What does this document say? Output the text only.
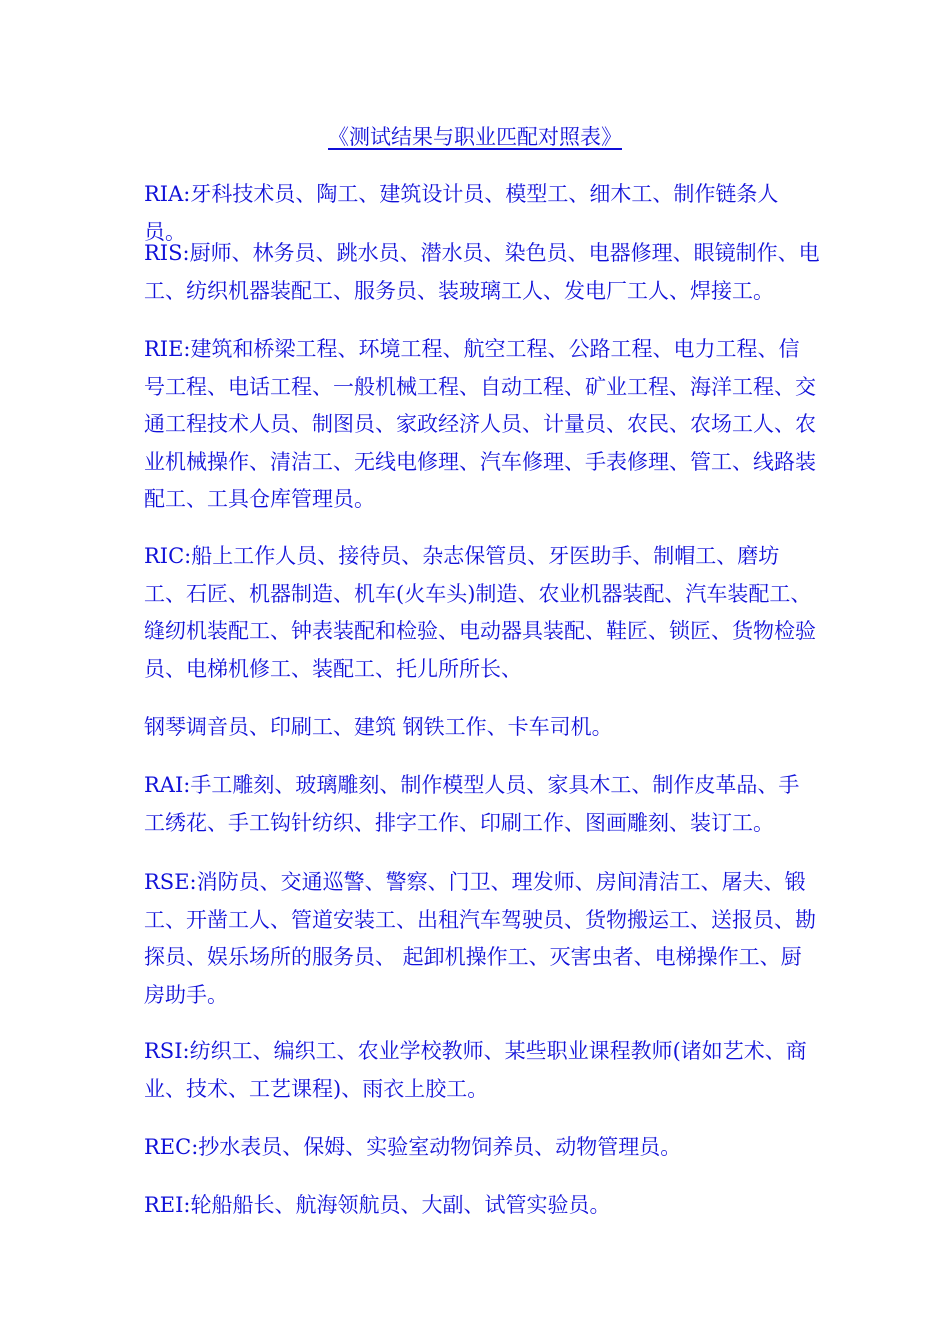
《测试结果与职业匹配对照表》

RIA:牙科技术员、陶工、建筑设计员、模型工、细木工、制作链条人员。

RIS:厨师、林务员、跳水员、潜水员、染色员、电器修理、眼镜制作、电工、纺织机器装配工、服务员、装玻璃工人、发电厂工人、焊接工。

RIE:建筑和桥梁工程、环境工程、航空工程、公路工程、电力工程、信号工程、电话工程、一般机械工程、自动工程、矿业工程、海洋工程、交通工程技术人员、制图员、家政经济人员、计量员、农民、农场工人、农业机械操作、清洁工、无线电修理、汽车修理、手表修理、管工、线路装配工、工具仓库管理员。

RIC:船上工作人员、接待员、杂志保管员、牙医助手、制帽工、磨坊工、石匠、机器制造、机车(火车头)制造、农业机器装配、汽车装配工、缝纫机装配工、钟表装配和检验、电动器具装配、鞋匠、锁匠、货物检验员、电梯机修工、装配工、托儿所所长、

钢琴调音员、印刷工、建筑 钢铁工作、卡车司机。

RAI:手工雕刻、玻璃雕刻、制作模型人员、家具木工、制作皮革品、手工绣花、手工钩针纺织、排字工作、印刷工作、图画雕刻、装订工。

RSE:消防员、交通巡警、警察、门卫、理发师、房间清洁工、屠夫、锻工、开凿工人、管道安装工、出租汽车驾驶员、货物搬运工、送报员、勘探员、娱乐场所的服务员、 起卸机操作工、灭害虫者、电梯操作工、厨房助手。

RSI:纺织工、编织工、农业学校教师、某些职业课程教师(诸如艺术、商业、技术、工艺课程)、雨衣上胶工。

REC:抄水表员、保姆、实验室动物饲养员、动物管理员。

REI:轮船船长、航海领航员、大副、试管实验员。
